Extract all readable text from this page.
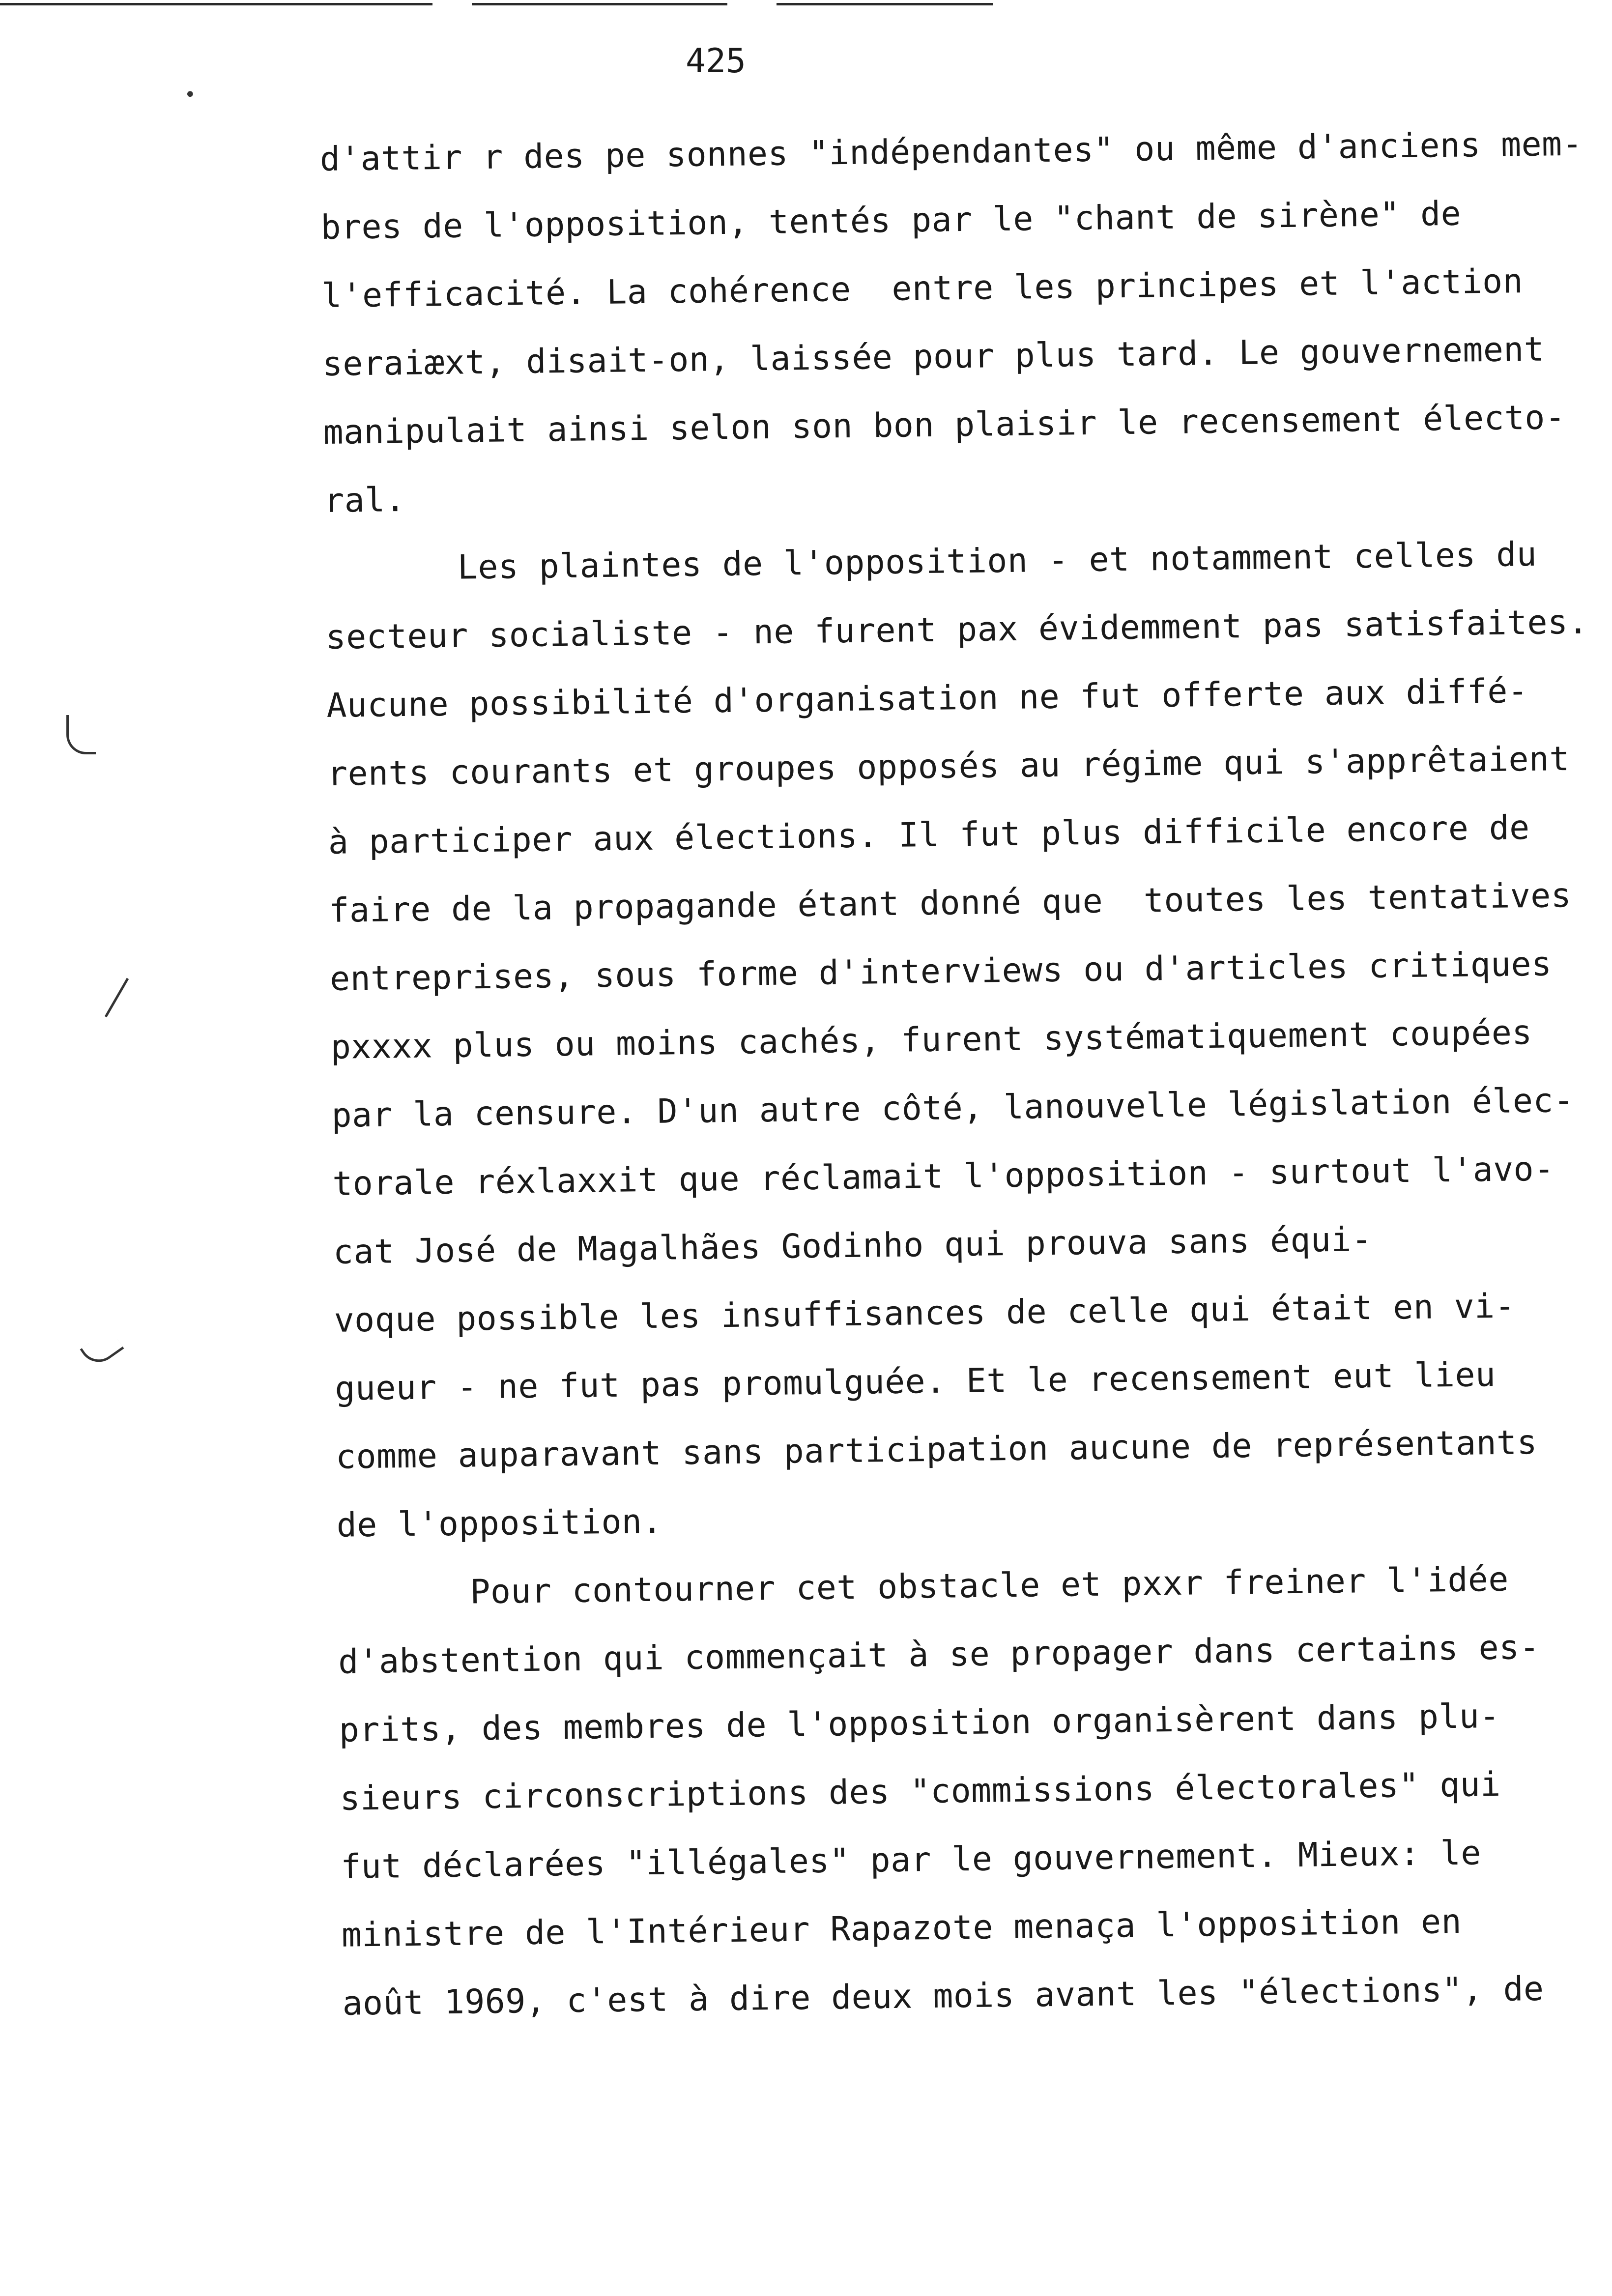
425
•
d'attir r des pe sonnes "indépendantes" ou même d'anciens mem-
bres de l'opposition, tentés par le "chant de sirène" de
l'efficacité. La cohérence  entre les principes et l'action
seraiæxt, disait-on, laissée pour plus tard. Le gouvernement
manipulait ainsi selon son bon plaisir le recensement électo-
ral.
Les plaintes de l'opposition - et notamment celles du
secteur socialiste - ne furent pax évidemment pas satisfaites.
Aucune possibilité d'organisation ne fut offerte aux diffé-
rents courants et groupes opposés au régime qui s'apprêtaient
à participer aux élections. Il fut plus difficile encore de
faire de la propagande étant donné que  toutes les tentatives
entreprises, sous forme d'interviews ou d'articles critiques
pxxxx plus ou moins cachés, furent systématiquement coupées
par la censure. D'un autre côté, lanouvelle législation élec-
torale réxlaxxit que réclamait l'opposition - surtout l'avo-
cat José de Magalhães Godinho qui prouva sans équi-
voque possible les insuffisances de celle qui était en vi-
gueur - ne fut pas promulguée. Et le recensement eut lieu
comme auparavant sans participation aucune de représentants
de l'opposition.
Pour contourner cet obstacle et pxxr freiner l'idée
d'abstention qui commençait à se propager dans certains es-
prits, des membres de l'opposition organisèrent dans plu-
sieurs circonscriptions des "commissions électorales" qui
fut déclarées "illégales" par le gouvernement. Mieux: le
ministre de l'Intérieur Rapazote menaça l'opposition en
août 1969, c'est à dire deux mois avant les "élections", de
